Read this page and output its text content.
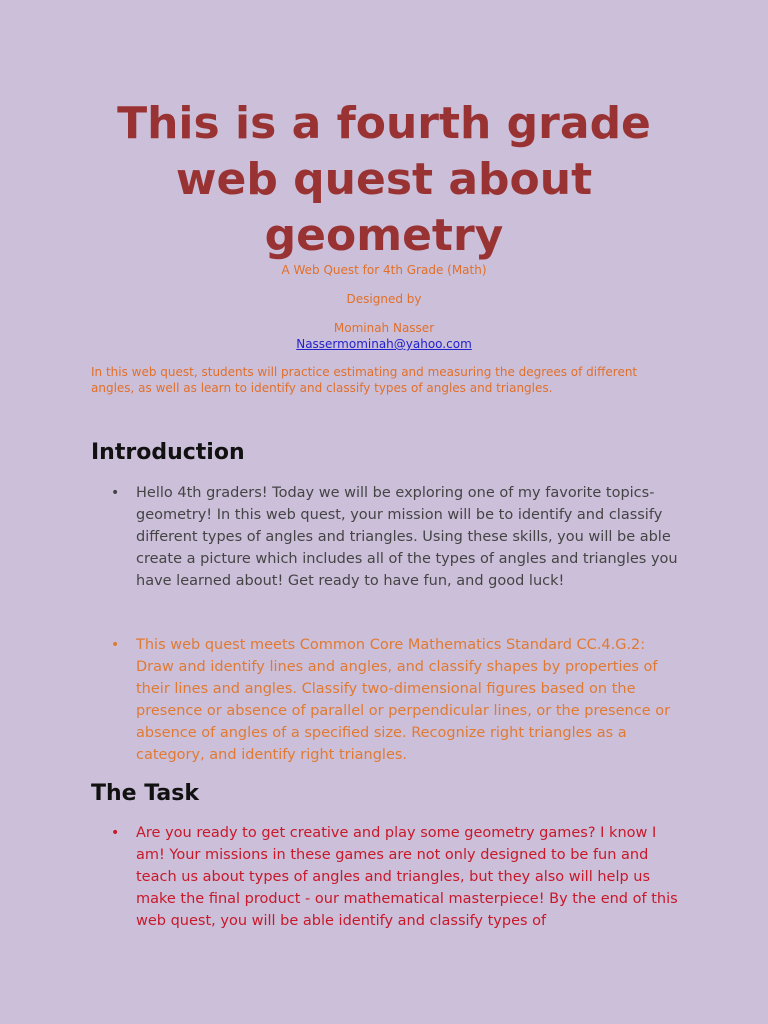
This is a fourth grade web quest about geometry
A Web Quest for 4th Grade (Math)
Designed by
Mominah Nasser
Nassermominah@yahoo.com

In this web quest, students will practice estimating and measuring the degrees of different angles, as well as learn to identify and classify types of angles and triangles.

Introduction
• Hello 4th graders! Today we will be exploring one of my favorite topics- geometry! In this web quest, your mission will be to identify and classify different types of angles and triangles. Using these skills, you will be able create a picture which includes all of the types of angles and triangles you have learned about! Get ready to have fun, and good luck!
• This web quest meets Common Core Mathematics Standard CC.4.G.2: Draw and identify lines and angles, and classify shapes by properties of their lines and angles. Classify two-dimensional figures based on the presence or absence of parallel or perpendicular lines, or the presence or absence of angles of a specified size. Recognize right triangles as a category, and identify right triangles.
The Task
• Are you ready to get creative and play some geometry games? I know I am! Your missions in these games are not only designed to be fun and teach us about types of angles and triangles, but they also will help us make the final product - our mathematical masterpiece! By the end of this web quest, you will be able identify and classify types of
